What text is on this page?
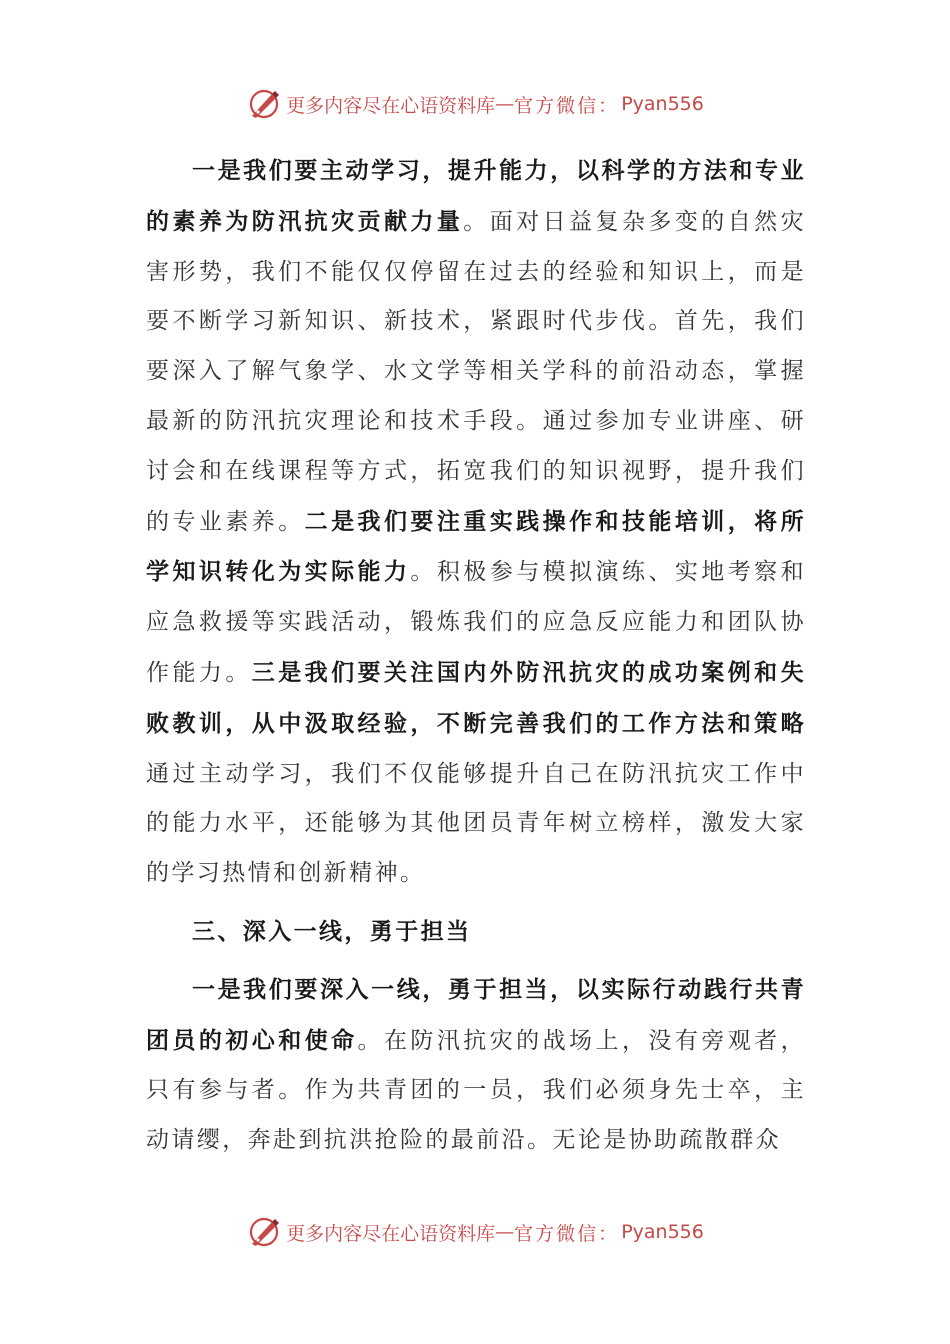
更多内容尽在心语资料库 — 官方微信： Pyan556

一是我们要主动学习，提升能力，以科学的方法和专业的素养为防汛抗灾贡献力量。面对日益复杂多变的自然灾害形势，我们不能仅仅停留在过去的经验和知识上，而是要不断学习新知识、新技术，紧跟时代步伐。首先，我们要深入了解气象学、水文学等相关学科的前沿动态，掌握最新的防汛抗灾理论和技术手段。通过参加专业讲座、研讨会和在线课程等方式，拓宽我们的知识视野，提升我们的专业素养。二是我们要注重实践操作和技能培训，将所学知识转化为实际能力。积极参与模拟演练、实地考察和应急救援等实践活动，锻炼我们的应急反应能力和团队协作能力。三是我们要关注国内外防汛抗灾的成功案例和失败教训，从中汲取经验，不断完善我们的工作方法和策略通过主动学习，我们不仅能够提升自己在防汛抗灾工作中的能力水平，还能够为其他团员青年树立榜样，激发大家的学习热情和创新精神。

三、深入一线，勇于担当

一是我们要深入一线，勇于担当，以实际行动践行共青团员的初心和使命。在防汛抗灾的战场上，没有旁观者，只有参与者。作为共青团的一员，我们必须身先士卒，主动请缨，奔赴到抗洪抢险的最前沿。无论是协助疏散群众

更多内容尽在心语资料库 — 官方微信： Pyan556
